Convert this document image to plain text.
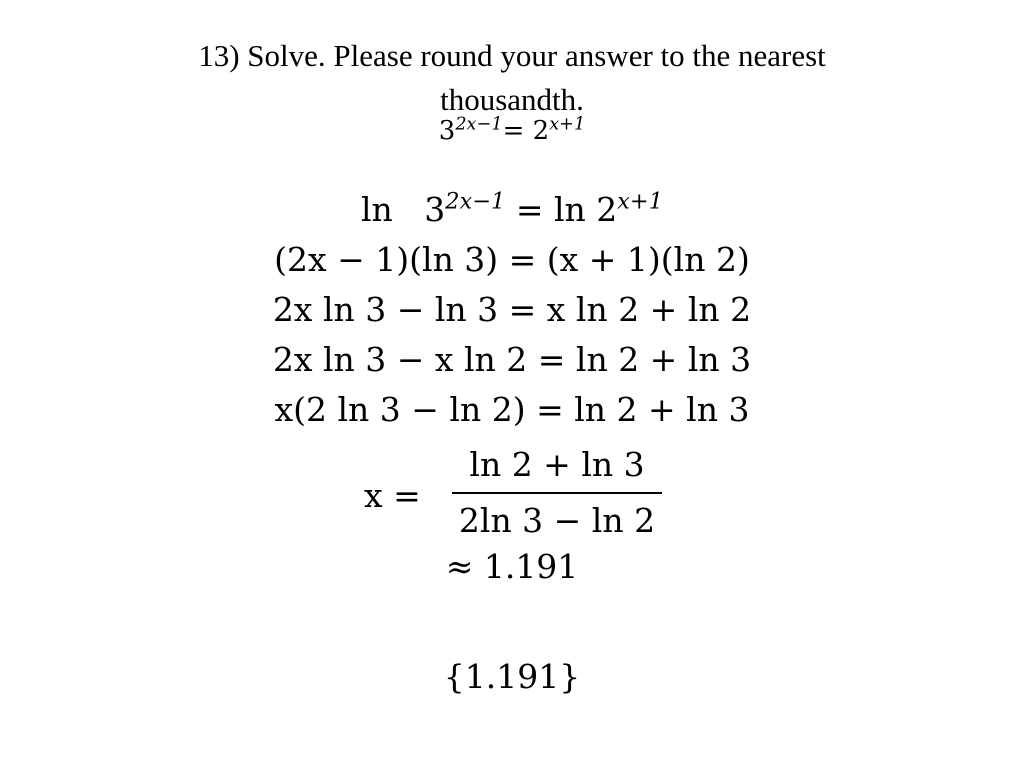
13) Solve. Please round your answer to the nearest
thousandth.
$3^{2x-1}= 2^{x+1}$
$\ln 3^{2x-1} = \ln 2^{x+1}$
(2x − 1)(ln 3) = (x + 1)(ln 2)
2x ln 3 − ln 3 = x ln 2 + ln 2
2x ln 3 − x ln 2 = ln 2 + ln 3
x(2 ln 3 − ln 2) = ln 2 + ln 3
x =
ln 2 + ln 3
2ln 3 − ln 2
≈ 1.191
{1.191}
